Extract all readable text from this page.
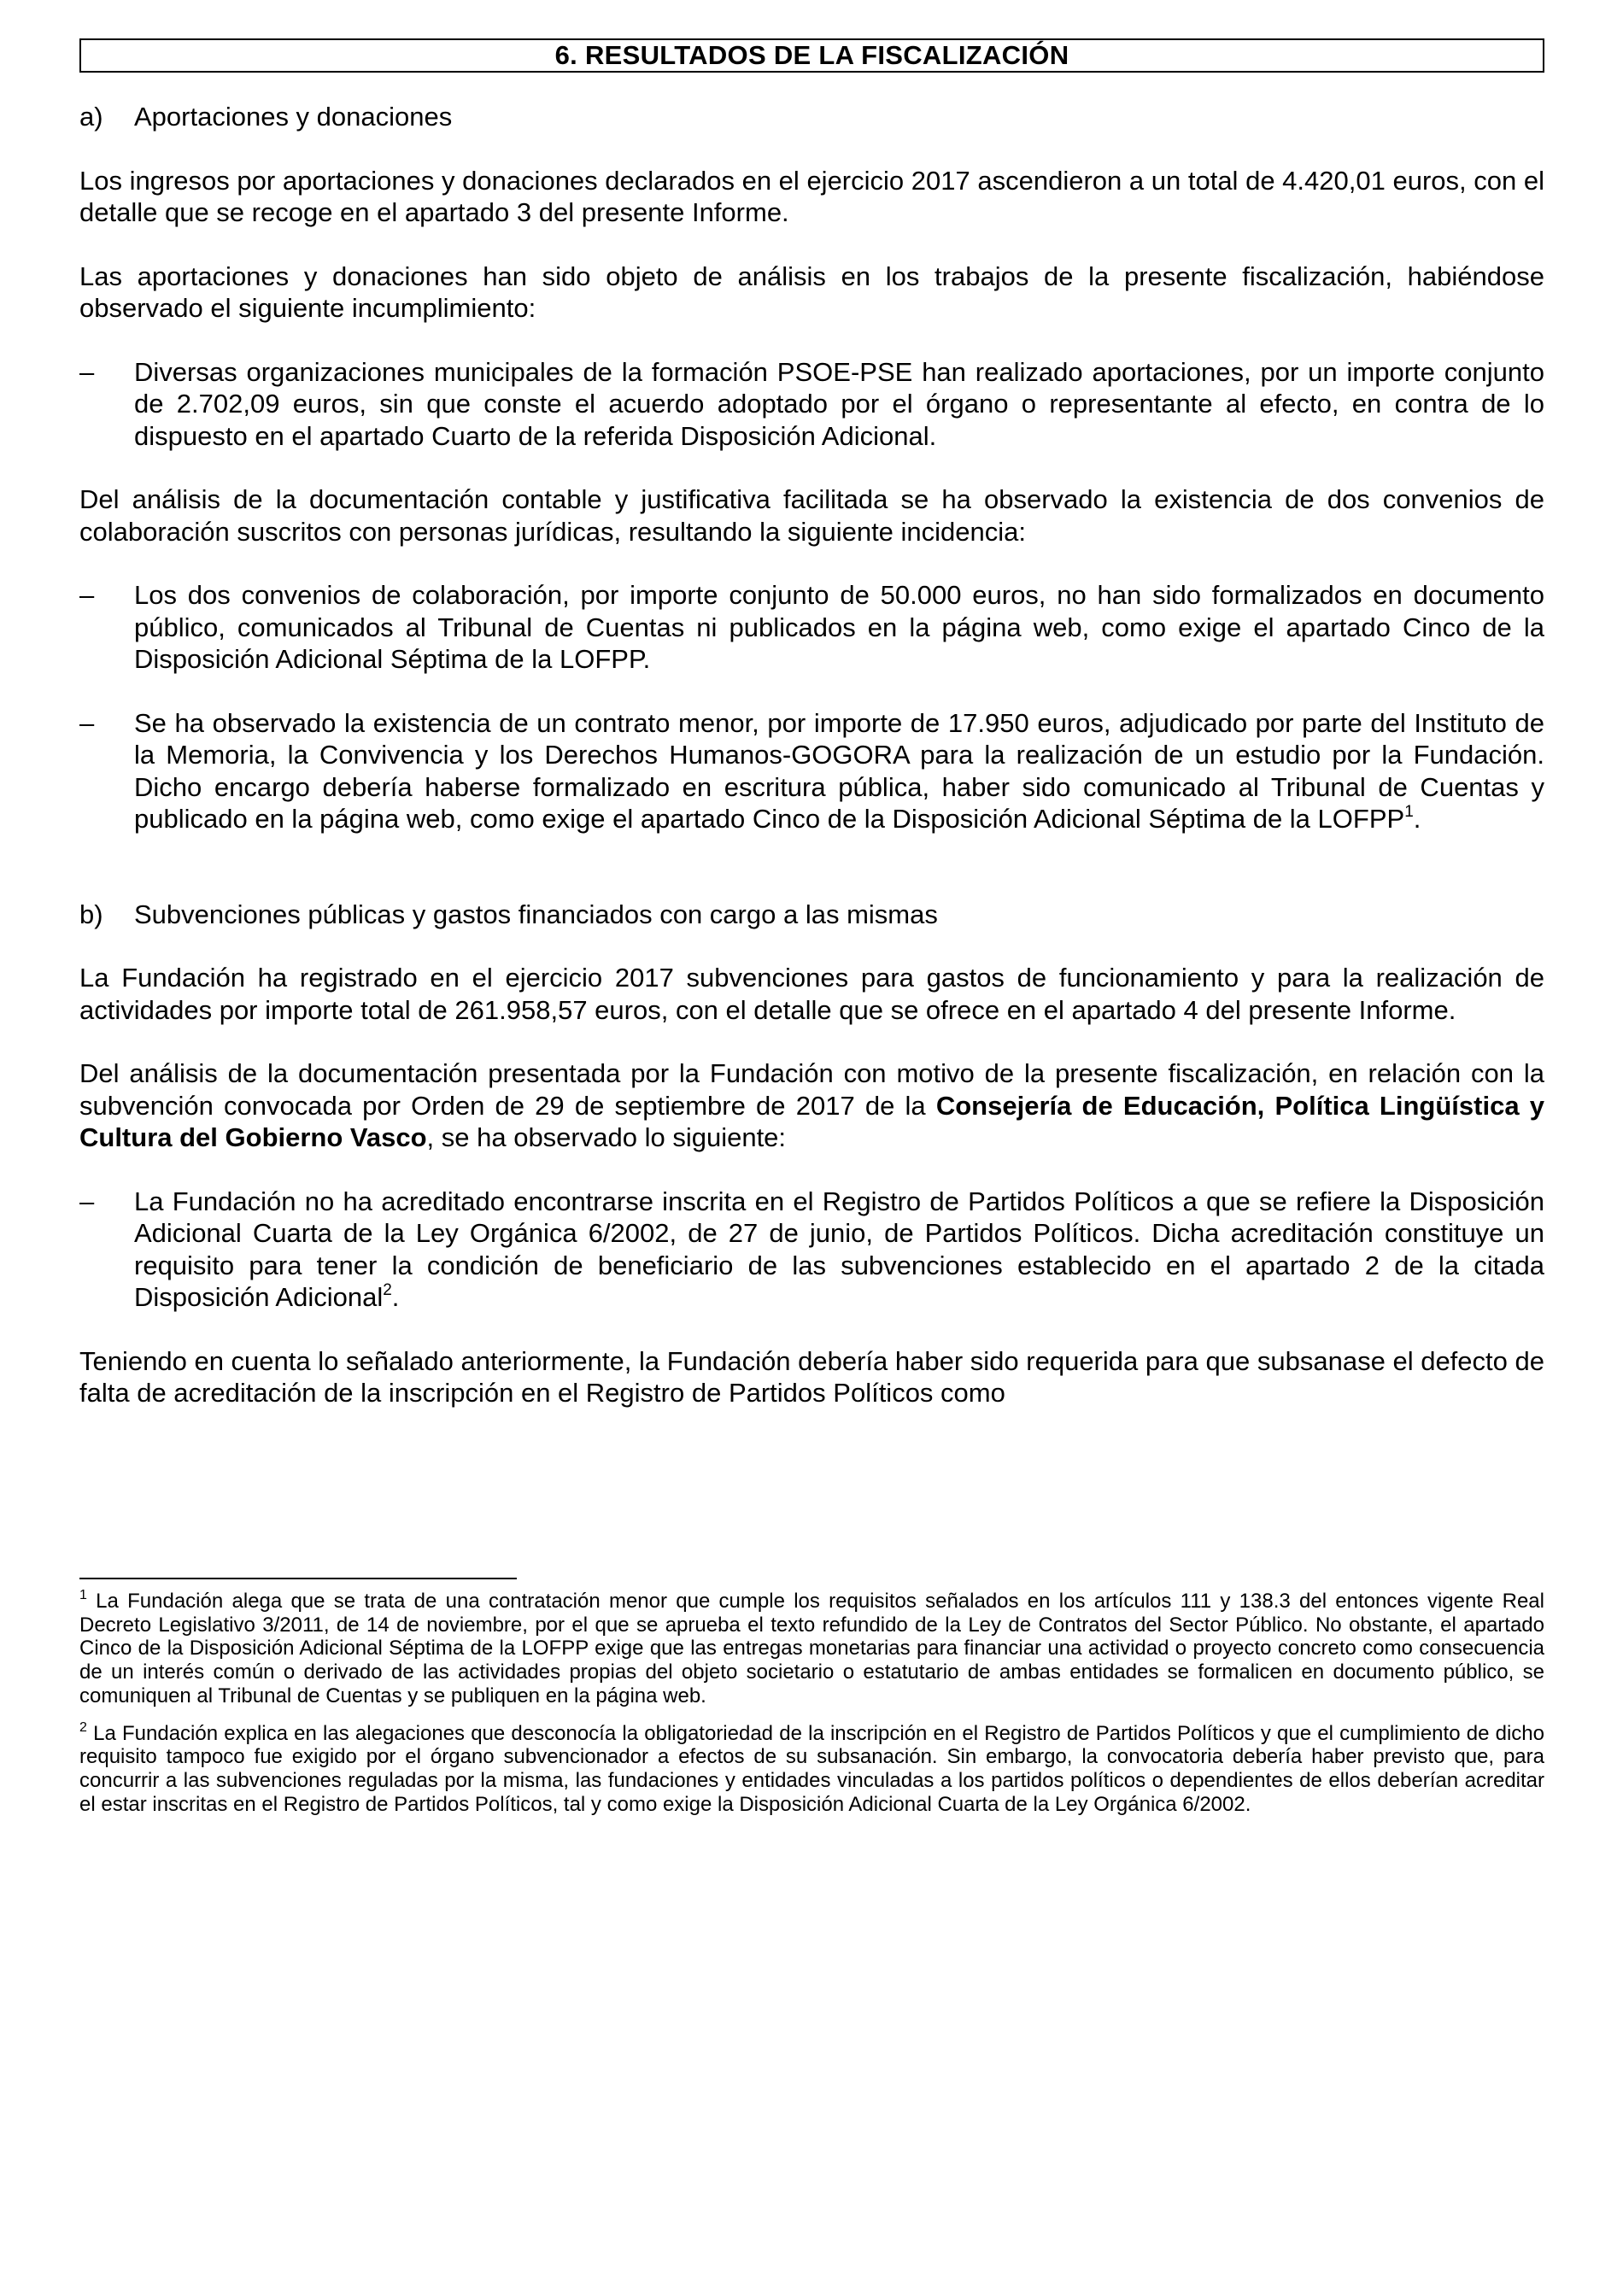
6. RESULTADOS DE LA FISCALIZACIÓN
a)	Aportaciones y donaciones

Los ingresos por aportaciones y donaciones declarados en el ejercicio 2017 ascendieron a un total de 4.420,01 euros, con el detalle que se recoge en el apartado 3 del presente Informe.

Las aportaciones y donaciones han sido objeto de análisis en los trabajos de la presente fiscalización, habiéndose observado el siguiente incumplimiento:

–	Diversas organizaciones municipales de la formación PSOE-PSE han realizado aportaciones, por un importe conjunto de 2.702,09 euros, sin que conste el acuerdo adoptado por el órgano o representante al efecto, en contra de lo dispuesto en el apartado Cuarto de la referida Disposición Adicional.

Del análisis de la documentación contable y justificativa facilitada se ha observado la existencia de dos convenios de colaboración suscritos con personas jurídicas, resultando la siguiente incidencia:

–	Los dos convenios de colaboración, por importe conjunto de 50.000 euros, no han sido formalizados en documento público, comunicados al Tribunal de Cuentas ni publicados en la página web, como exige el apartado Cinco de la Disposición Adicional Séptima de la LOFPP.
–	Se ha observado la existencia de un contrato menor, por importe de 17.950 euros, adjudicado por parte del Instituto de la Memoria, la Convivencia y los Derechos Humanos-GOGORA para la realización de un estudio por la Fundación. Dicho encargo debería haberse formalizado en escritura pública, haber sido comunicado al Tribunal de Cuentas y publicado en la página web, como exige el apartado Cinco de la Disposición Adicional Séptima de la LOFPP$^1$.
b)	Subvenciones públicas y gastos financiados con cargo a las mismas

La Fundación ha registrado en el ejercicio 2017 subvenciones para gastos de funcionamiento y para la realización de actividades por importe total de 261.958,57 euros, con el detalle que se ofrece en el apartado 4 del presente Informe.

Del análisis de la documentación presentada por la Fundación con motivo de la presente fiscalización, en relación con la subvención convocada por Orden de 29 de septiembre de 2017 de la Consejería de Educación, Política Lingüística y Cultura del Gobierno Vasco, se ha observado lo siguiente:

–	La Fundación no ha acreditado encontrarse inscrita en el Registro de Partidos Políticos a que se refiere la Disposición Adicional Cuarta de la Ley Orgánica 6/2002, de 27 de junio, de Partidos Políticos. Dicha acreditación constituye un requisito para tener la condición de beneficiario de las subvenciones establecido en el apartado 2 de la citada Disposición Adicional$^2$.

Teniendo en cuenta lo señalado anteriormente, la Fundación debería haber sido requerida para que subsanase el defecto de falta de acreditación de la inscripción en el Registro de Partidos Políticos como

$^1$ La Fundación alega que se trata de una contratación menor que cumple los requisitos señalados en los artículos 111 y 138.3 del entonces vigente Real Decreto Legislativo 3/2011, de 14 de noviembre, por el que se aprueba el texto refundido de la Ley de Contratos del Sector Público. No obstante, el apartado Cinco de la Disposición Adicional Séptima de la LOFPP exige que las entregas monetarias para financiar una actividad o proyecto concreto como consecuencia de un interés común o derivado de las actividades propias del objeto societario o estatutario de ambas entidades se formalicen en documento público, se comuniquen al Tribunal de Cuentas y se publiquen en la página web.

$^2$ La Fundación explica en las alegaciones que desconocía la obligatoriedad de la inscripción en el Registro de Partidos Políticos y que el cumplimiento de dicho requisito tampoco fue exigido por el órgano subvencionador a efectos de su subsanación. Sin embargo, la convocatoria debería haber previsto que, para concurrir a las subvenciones reguladas por la misma, las fundaciones y entidades vinculadas a los partidos políticos o dependientes de ellos deberían acreditar el estar inscritas en el Registro de Partidos Políticos, tal y como exige la Disposición Adicional Cuarta de la Ley Orgánica 6/2002.
